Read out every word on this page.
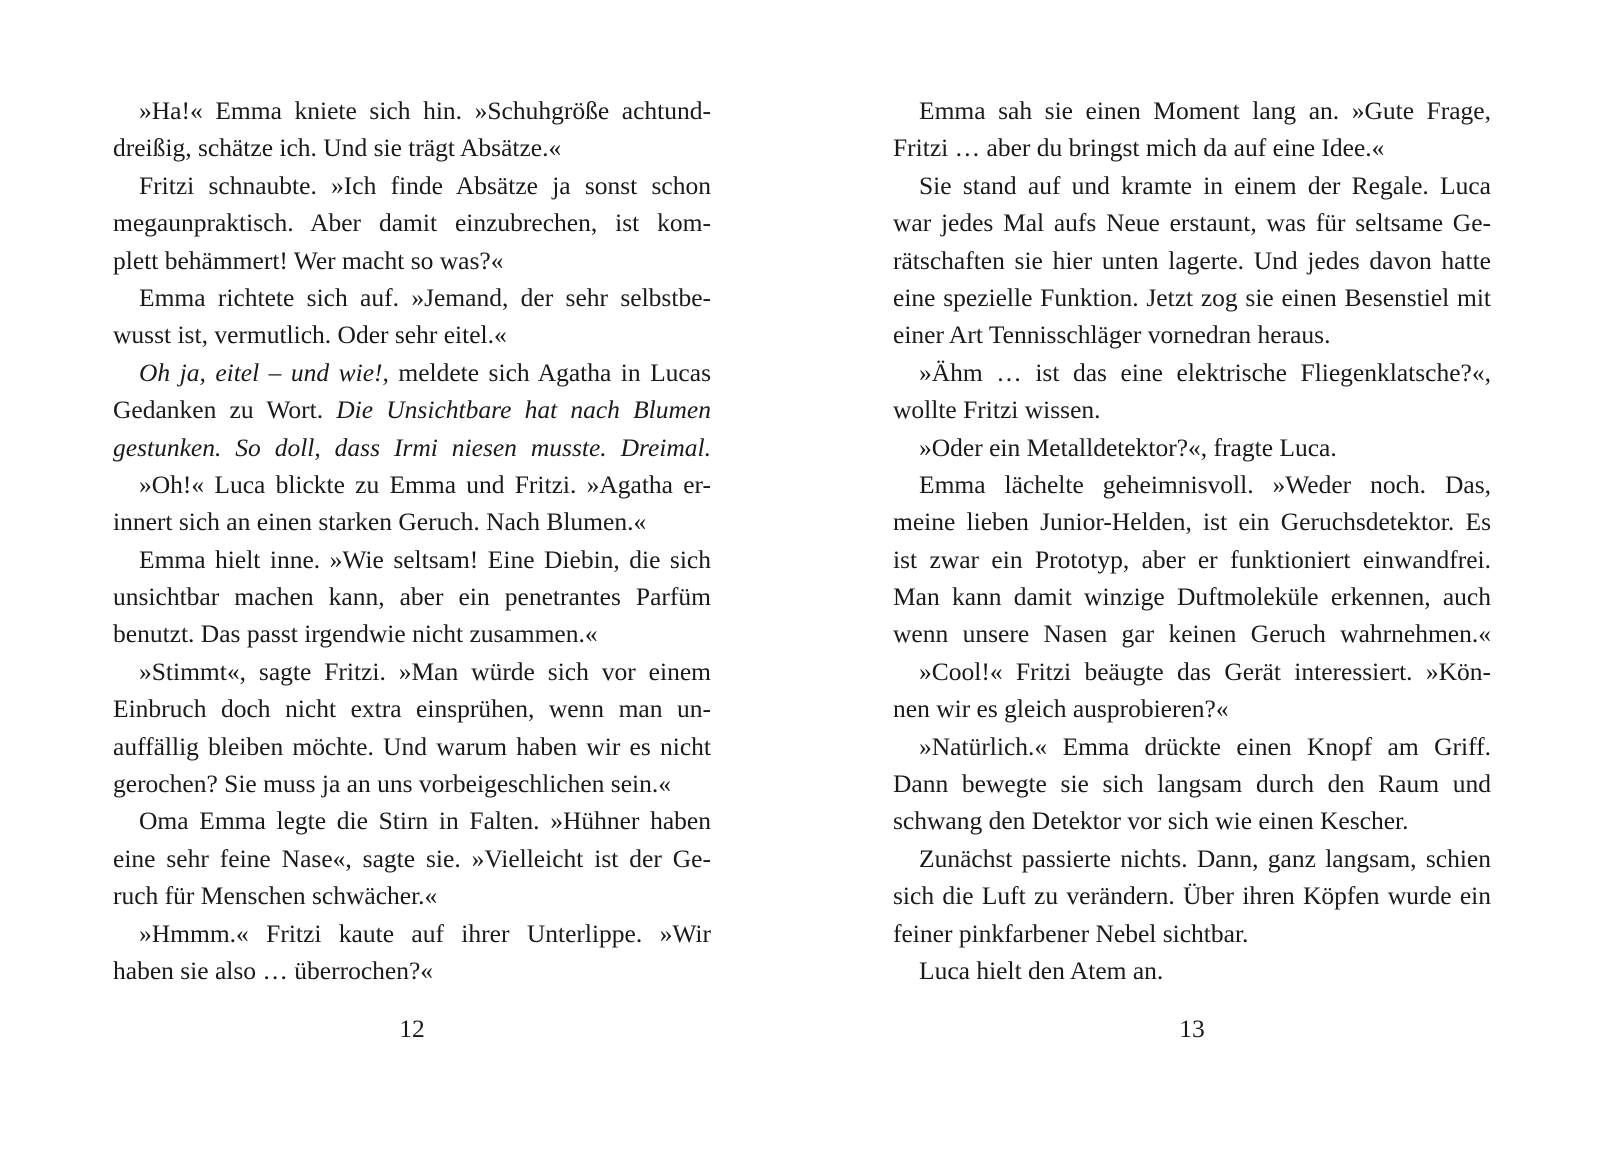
»Ha!« Emma kniete sich hin. »Schuhgröße achtund-
dreißig, schätze ich. Und sie trägt Absätze.«
Fritzi schnaubte. »Ich finde Absätze ja sonst schon
megaunpraktisch. Aber damit einzubrechen, ist kom-
plett behämmert! Wer macht so was?«
Emma richtete sich auf. »Jemand, der sehr selbstbe-
wusst ist, vermutlich. Oder sehr eitel.«
Oh ja, eitel – und wie!, meldete sich Agatha in Lucas
Gedanken zu Wort. Die Unsichtbare hat nach Blumen
gestunken. So doll, dass Irmi niesen musste. Dreimal.
»Oh!« Luca blickte zu Emma und Fritzi. »Agatha er-
innert sich an einen starken Geruch. Nach Blumen.«
Emma hielt inne. »Wie seltsam! Eine Diebin, die sich
unsichtbar machen kann, aber ein penetrantes Parfüm
benutzt. Das passt irgendwie nicht zusammen.«
»Stimmt«, sagte Fritzi. »Man würde sich vor einem
Einbruch doch nicht extra einsprühen, wenn man un-
auffällig bleiben möchte. Und warum haben wir es nicht
gerochen? Sie muss ja an uns vorbeigeschlichen sein.«
Oma Emma legte die Stirn in Falten. »Hühner haben
eine sehr feine Nase«, sagte sie. »Vielleicht ist der Ge-
ruch für Menschen schwächer.«
»Hmmm.« Fritzi kaute auf ihrer Unterlippe. »Wir
haben sie also … überrochen?«
12
Emma sah sie einen Moment lang an. »Gute Frage,
Fritzi … aber du bringst mich da auf eine Idee.«
Sie stand auf und kramte in einem der Regale. Luca
war jedes Mal aufs Neue erstaunt, was für seltsame Ge-
rätschaften sie hier unten lagerte. Und jedes davon hatte
eine spezielle Funktion. Jetzt zog sie einen Besenstiel mit
einer Art Tennisschläger vornedran heraus.
»Ähm … ist das eine elektrische Fliegenklatsche?«,
wollte Fritzi wissen.
»Oder ein Metalldetektor?«, fragte Luca.
Emma lächelte geheimnisvoll. »Weder noch. Das,
meine lieben Junior-Helden, ist ein Geruchsdetektor. Es
ist zwar ein Prototyp, aber er funktioniert einwandfrei.
Man kann damit winzige Duftmoleküle erkennen, auch
wenn unsere Nasen gar keinen Geruch wahrnehmen.«
»Cool!« Fritzi beäugte das Gerät interessiert. »Kön-
nen wir es gleich ausprobieren?«
»Natürlich.« Emma drückte einen Knopf am Griff.
Dann bewegte sie sich langsam durch den Raum und
schwang den Detektor vor sich wie einen Kescher.
Zunächst passierte nichts. Dann, ganz langsam, schien
sich die Luft zu verändern. Über ihren Köpfen wurde ein
feiner pinkfarbener Nebel sichtbar.
Luca hielt den Atem an.
13
